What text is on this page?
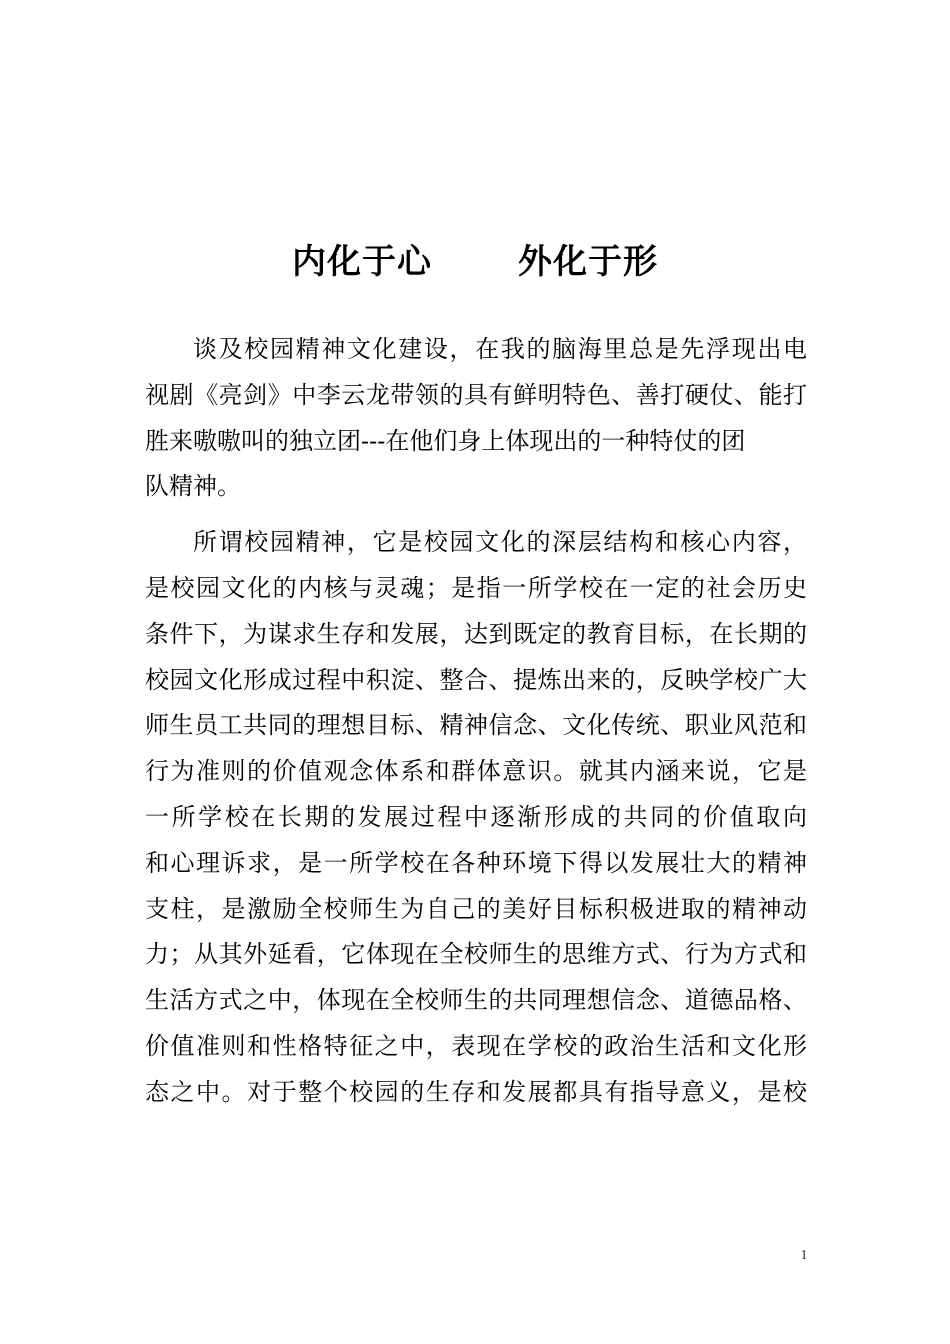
内化于心	外化于形
谈及校园精神文化建设，在我的脑海里总是先浮现出电
视剧《亮剑》中李云龙带领的具有鲜明特色、善打硬仗、能打
胜来嗷嗷叫的独立团---在他们身上体现出的一种特仗的团
队精神。
所谓校园精神，它是校园文化的深层结构和核心内容，
是校园文化的内核与灵魂；是指一所学校在一定的社会历史
条件下，为谋求生存和发展，达到既定的教育目标，在长期的
校园文化形成过程中积淀、整合、提炼出来的，反映学校广大
师生员工共同的理想目标、精神信念、文化传统、职业风范和
行为准则的价值观念体系和群体意识。就其内涵来说，它是
一所学校在长期的发展过程中逐渐形成的共同的价值取向
和心理诉求，是一所学校在各种环境下得以发展壮大的精神
支柱，是激励全校师生为自己的美好目标积极进取的精神动
力；从其外延看，它体现在全校师生的思维方式、行为方式和
生活方式之中，体现在全校师生的共同理想信念、道德品格、
价值准则和性格特征之中，表现在学校的政治生活和文化形
态之中。对于整个校园的生存和发展都具有指导意义，是校
1
